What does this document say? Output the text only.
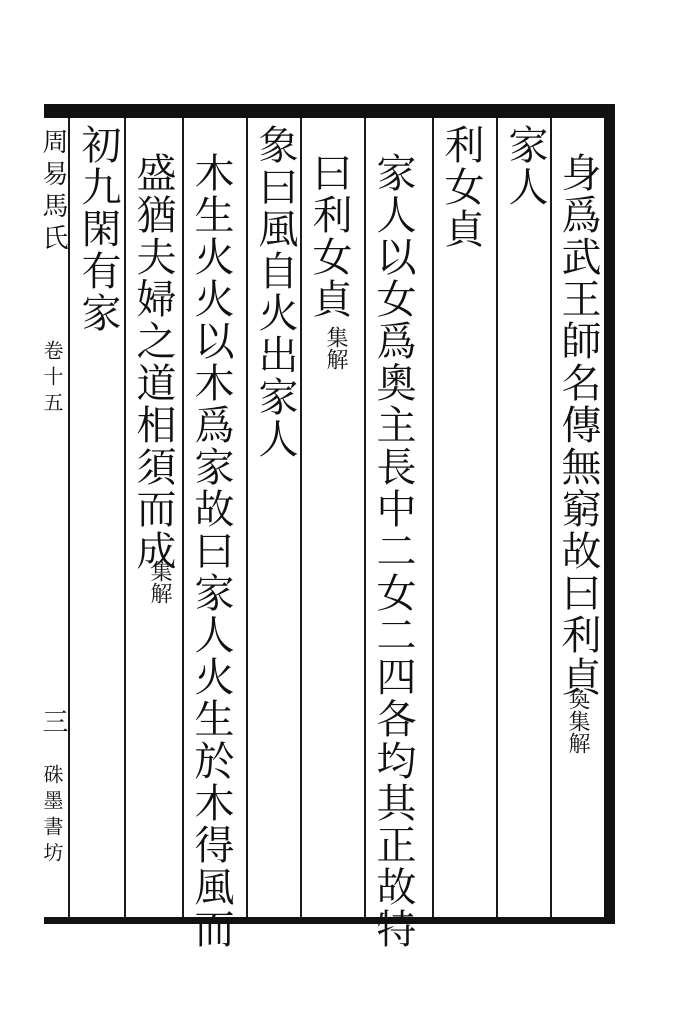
身爲武王師名傳無窮故曰利貞
奐集解
家人
利女貞
家人以女爲奧主長中二女二四各均其正故特
曰利女貞
集解
象曰風自火出家人
木生火火以木爲家故曰家人火生於木得風而
盛猶夫婦之道相須而成
集解
初九閑有家
周易馬氏
卷十五
三
硃墨書坊
